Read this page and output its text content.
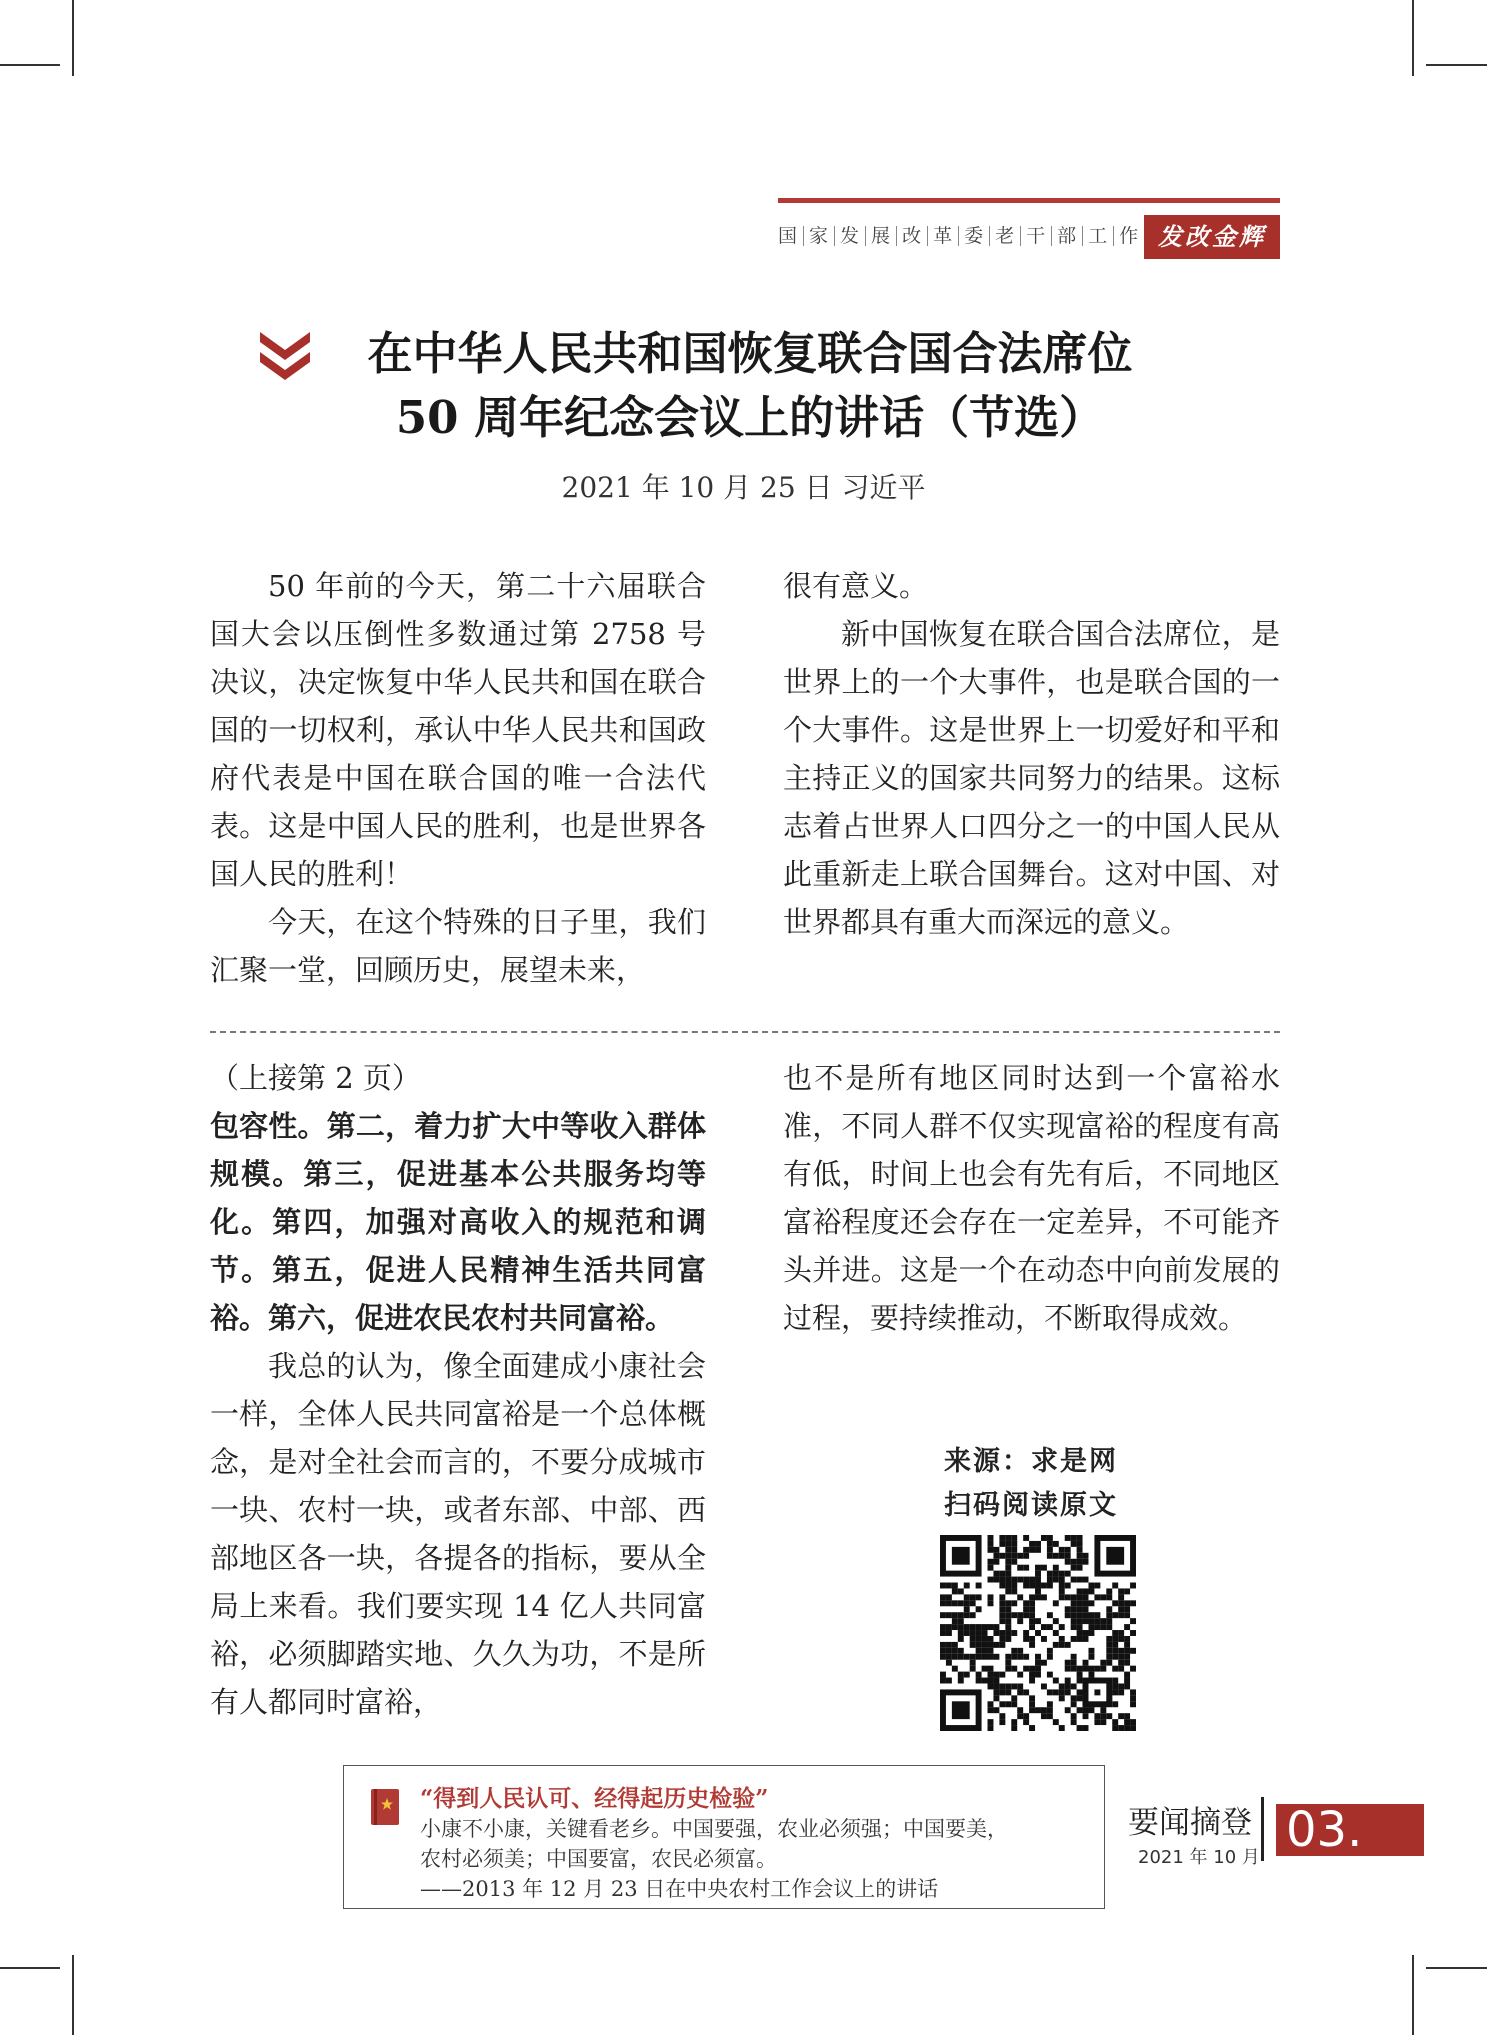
国 家 发 展 改 革 委 老 干 部 工 作 发改金辉
在中华人民共和国恢复联合国合法席位
50 周年纪念会议上的讲话（节选）
2021 年 10 月 25 日 习近平

50 年前的今天，第二十六届联合国大会以压倒性多数通过第 2758 号决议，决定恢复中华人民共和国在联合国的一切权利，承认中华人民共和国政府代表是中国在联合国的唯一合法代表。这是中国人民的胜利，也是世界各国人民的胜利！

今天，在这个特殊的日子里，我们汇聚一堂，回顾历史，展望未来，

很有意义。

新中国恢复在联合国合法席位，是世界上的一个大事件，也是联合国的一个大事件。这是世界上一切爱好和平和主持正义的国家共同努力的结果。这标志着占世界人口四分之一的中国人民从此重新走上联合国舞台。这对中国、对世界都具有重大而深远的意义。

（上接第 2 页）

包容性。第二，着力扩大中等收入群体规模。第三，促进基本公共服务均等化。第四，加强对高收入的规范和调节。第五，促进人民精神生活共同富裕。第六，促进农民农村共同富裕。

我总的认为，像全面建成小康社会一样，全体人民共同富裕是一个总体概念，是对全社会而言的，不要分成城市一块、农村一块，或者东部、中部、西部地区各一块，各提各的指标，要从全局上来看。我们要实现 14 亿人共同富裕，必须脚踏实地、久久为功，不是所有人都同时富裕，

也不是所有地区同时达到一个富裕水准，不同人群不仅实现富裕的程度有高有低，时间上也会有先有后，不同地区富裕程度还会存在一定差异，不可能齐头并进。这是一个在动态中向前发展的过程，要持续推动，不断取得成效。

来源：求是网
扫码阅读原文
“得到人民认可、经得起历史检验”
小康不小康，关键看老乡。中国要强，农业必须强；中国要美，
农村必须美；中国要富，农民必须富。
——2013 年 12 月 23 日在中央农村工作会议上的讲话
要闻摘登
2021 年 10 月 03.
